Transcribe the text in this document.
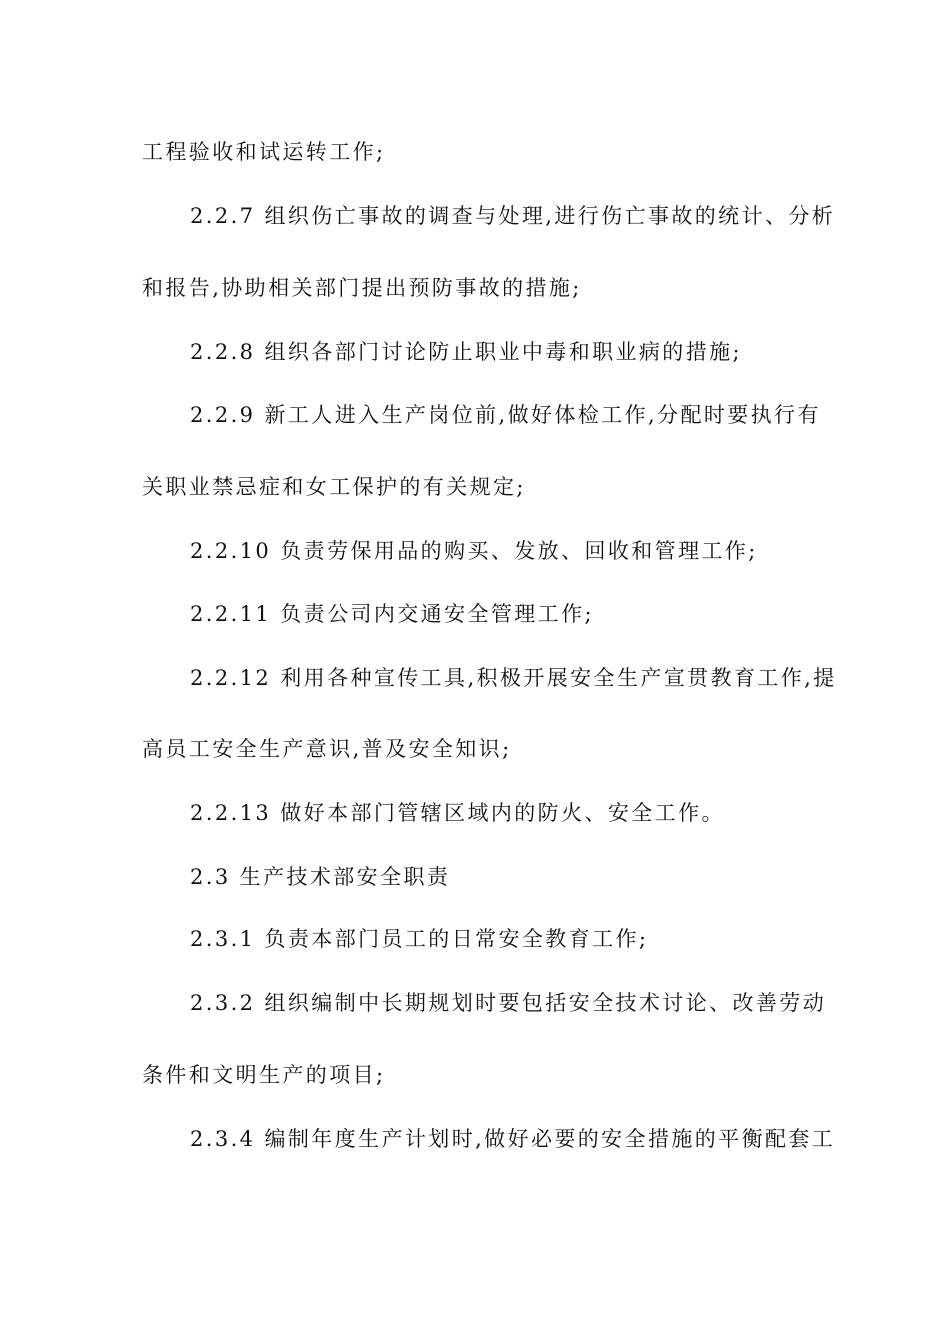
工程验收和试运转工作;
2.2.7 组织伤亡事故的调查与处理,进行伤亡事故的统计、分析
和报告,协助相关部门提出预防事故的措施;
2.2.8 组织各部门讨论防止职业中毒和职业病的措施;
2.2.9 新工人进入生产岗位前,做好体检工作,分配时要执行有
关职业禁忌症和女工保护的有关规定;
2.2.10 负责劳保用品的购买、发放、回收和管理工作;
2.2.11 负责公司内交通安全管理工作;
2.2.12 利用各种宣传工具,积极开展安全生产宣贯教育工作,提
高员工安全生产意识,普及安全知识;
2.2.13 做好本部门管辖区域内的防火、安全工作。
2.3 生产技术部安全职责
2.3.1 负责本部门员工的日常安全教育工作;
2.3.2 组织编制中长期规划时要包括安全技术讨论、改善劳动
条件和文明生产的项目;
2.3.4 编制年度生产计划时,做好必要的安全措施的平衡配套工
